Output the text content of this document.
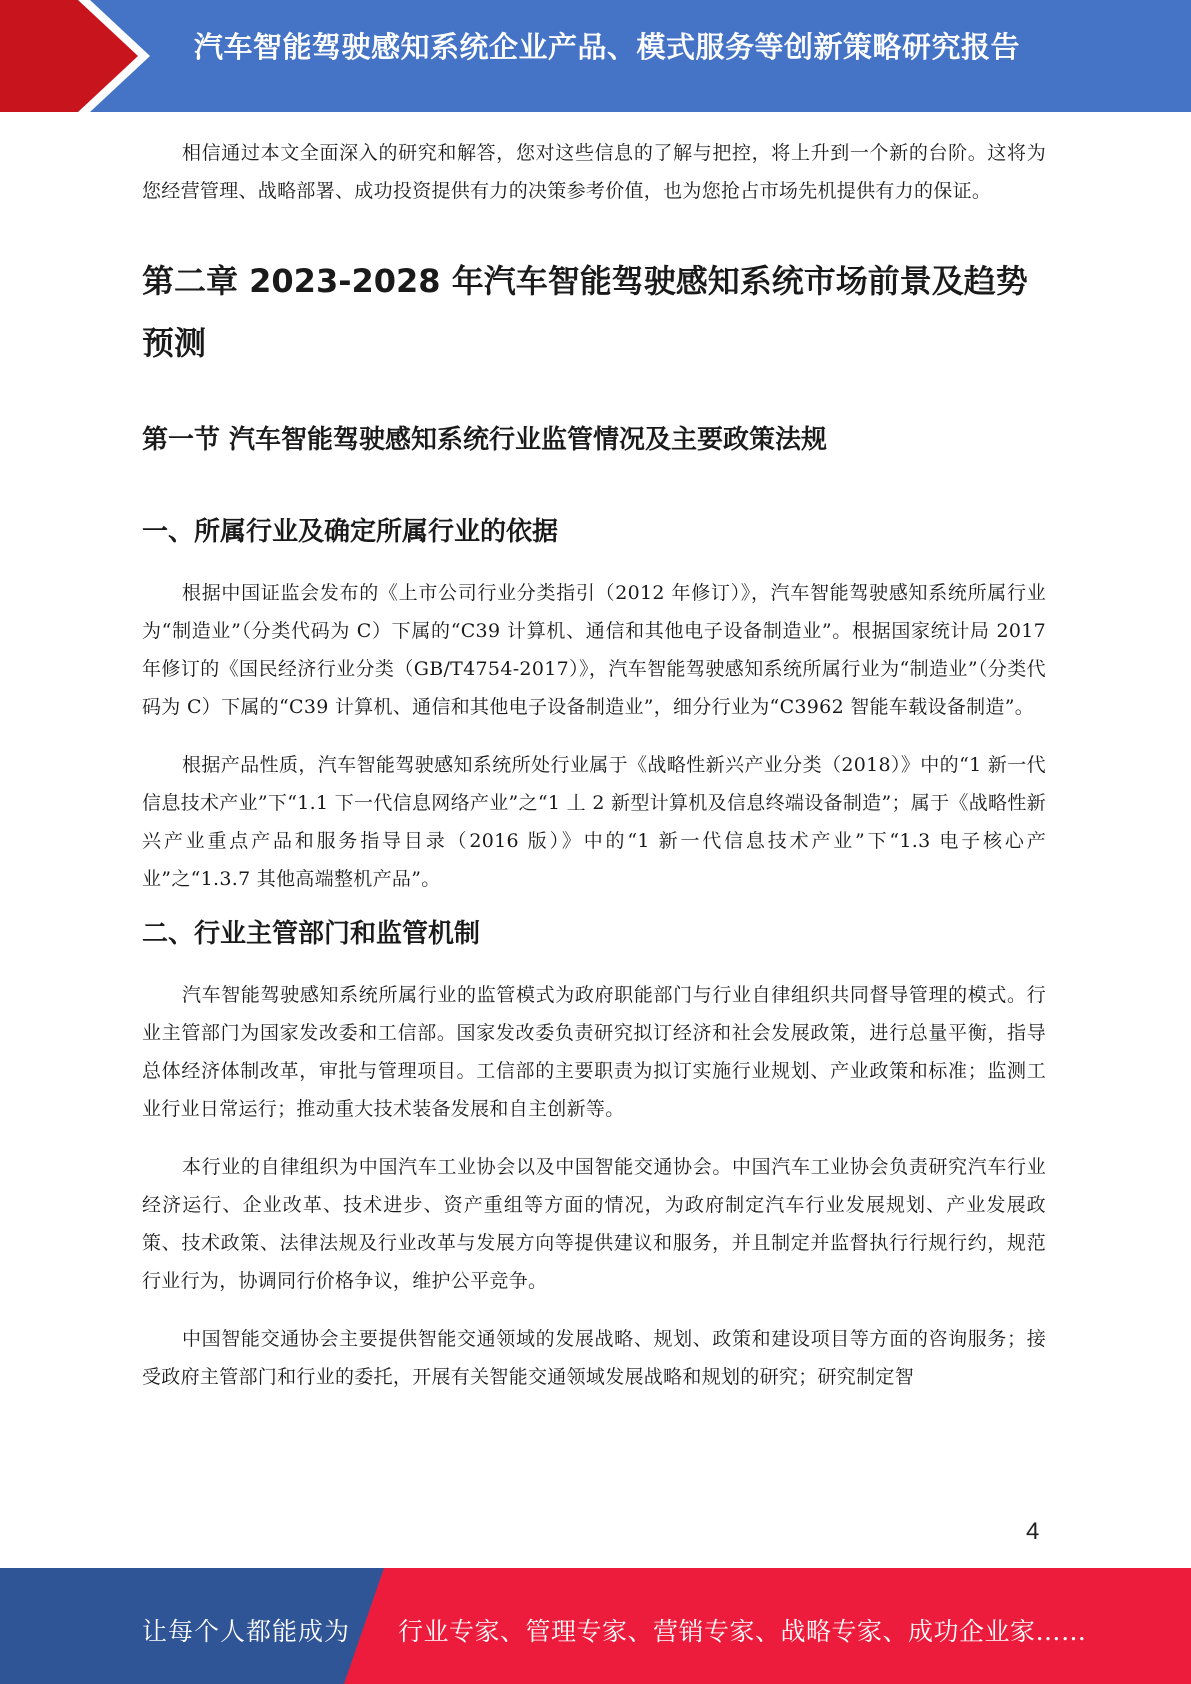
汽车智能驾驶感知系统企业产品、模式服务等创新策略研究报告

相信通过本文全面深入的研究和解答，您对这些信息的了解与把控，将上升到一个新的台阶。这将为您经营管理、战略部署、成功投资提供有力的决策参考价值，也为您抢占市场先机提供有力的保证。

第二章 2023-2028 年汽车智能驾驶感知系统市场前景及趋势预测
第一节 汽车智能驾驶感知系统行业监管情况及主要政策法规
一、所属行业及确定所属行业的依据

根据中国证监会发布的《上市公司行业分类指引（2012 年修订）》，汽车智能驾驶感知系统所属行业为“制造业”（分类代码为 C）下属的“C39 计算机、通信和其他电子设备制造业”。根据国家统计局 2017 年修订的《国民经济行业分类（GB/T4754-2017）》，汽车智能驾驶感知系统所属行业为“制造业”（分类代码为 C）下属的“C39 计算机、通信和其他电子设备制造业”，细分行业为“C3962 智能车载设备制造”。

根据产品性质，汽车智能驾驶感知系统所处行业属于《战略性新兴产业分类（2018）》中的“1 新一代信息技术产业”下“1.1 下一代信息网络产业”之“1 丄 2 新型计算机及信息终端设备制造”；属于《战略性新兴产业重点产品和服务指导目录（2016 版）》中的“1 新一代信息技术产业”下“1.3 电子核心产业”之“1.3.7 其他高端整机产品”。

二、行业主管部门和监管机制

汽车智能驾驶感知系统所属行业的监管模式为政府职能部门与行业自律组织共同督导管理的模式。行业主管部门为国家发改委和工信部。国家发改委负责研究拟订经济和社会发展政策，进行总量平衡，指导总体经济体制改革，审批与管理项目。工信部的主要职责为拟订实施行业规划、产业政策和标准；监测工业行业日常运行；推动重大技术装备发展和自主创新等。

本行业的自律组织为中国汽车工业协会以及中国智能交通协会。中国汽车工业协会负责研究汽车行业经济运行、企业改革、技术进步、资产重组等方面的情况，为政府制定汽车行业发展规划、产业发展政策、技术政策、法律法规及行业改革与发展方向等提供建议和服务，并且制定并监督执行行规行约，规范行业行为，协调同行价格争议，维护公平竞争。

中国智能交通协会主要提供智能交通领域的发展战略、规划、政策和建设项目等方面的咨询服务；接受政府主管部门和行业的委托，开展有关智能交通领域发展战略和规划的研究；研究制定智

4
让每个人都能成为 行业专家、管理专家、营销专家、战略专家、成功企业家……
